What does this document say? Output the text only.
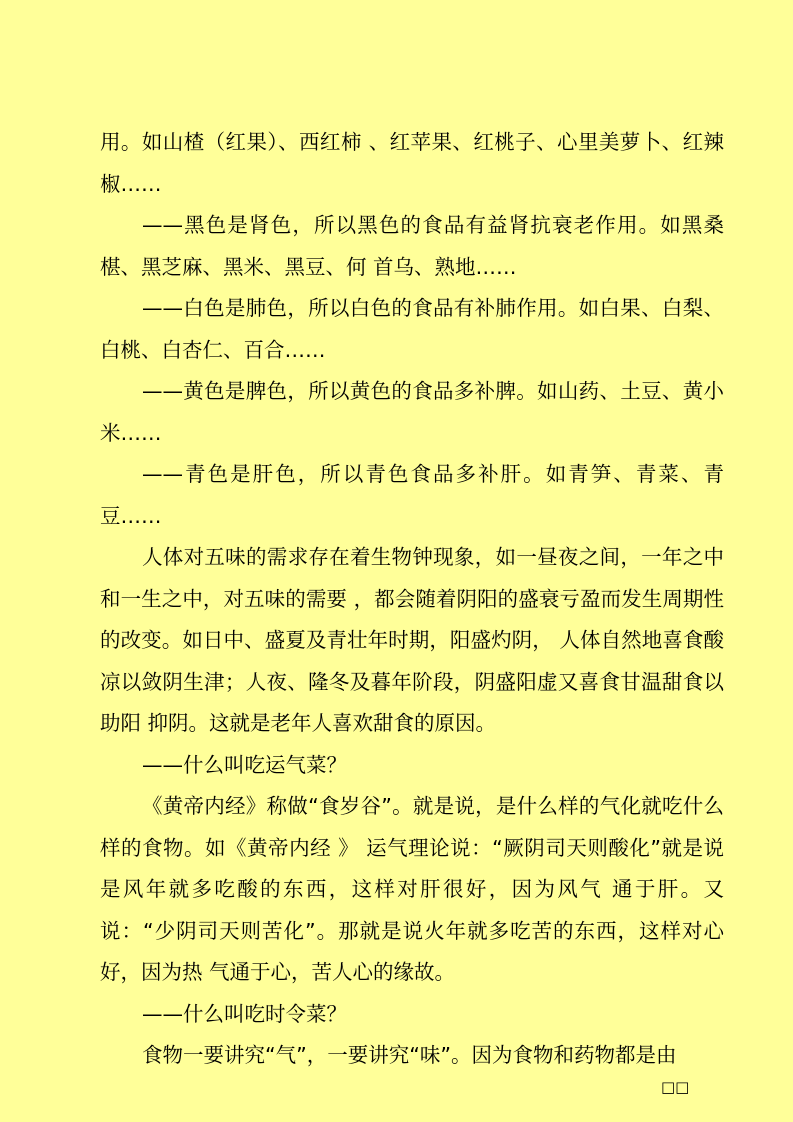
用。如山楂（红果）、西红柿 、红苹果、红桃子、心里美萝卜、红辣椒……

——黑色是肾色，所以黑色的食品有益肾抗衰老作用。如黑桑椹、黑芝麻、黑米、黑豆、何 首乌、熟地……

——白色是肺色，所以白色的食品有补肺作用。如白果、白梨、白桃、白杏仁、百合……

——黄色是脾色，所以黄色的食品多补脾。如山药、土豆、黄小米……

——青色是肝色，所以青色食品多补肝。如青笋、青菜、青豆……

人体对五味的需求存在着生物钟现象，如一昼夜之间，一年之中和一生之中，对五味的需要 ，都会随着阴阳的盛衰亏盈而发生周期性的改变。如日中、盛夏及青壮年时期，阳盛灼阴， 人体自然地喜食酸凉以敛阴生津；人夜、隆冬及暮年阶段，阴盛阳虚又喜食甘温甜食以助阳 抑阴。这就是老年人喜欢甜食的原因。

——什么叫吃运气菜？

《黄帝内经》称做“食岁谷”。就是说，是什么样的气化就吃什么样的食物。如《黄帝内经 》 运气理论说：“厥阴司天则酸化”就是说是风年就多吃酸的东西，这样对肝很好，因为风气 通于肝。又说：“少阴司天则苦化”。那就是说火年就多吃苦的东西，这样对心好，因为热 气通于心，苦人心的缘故。

——什么叫吃时令菜？

食物一要讲究“气”，一要讲究“味”。因为食物和药物都是由

□□
